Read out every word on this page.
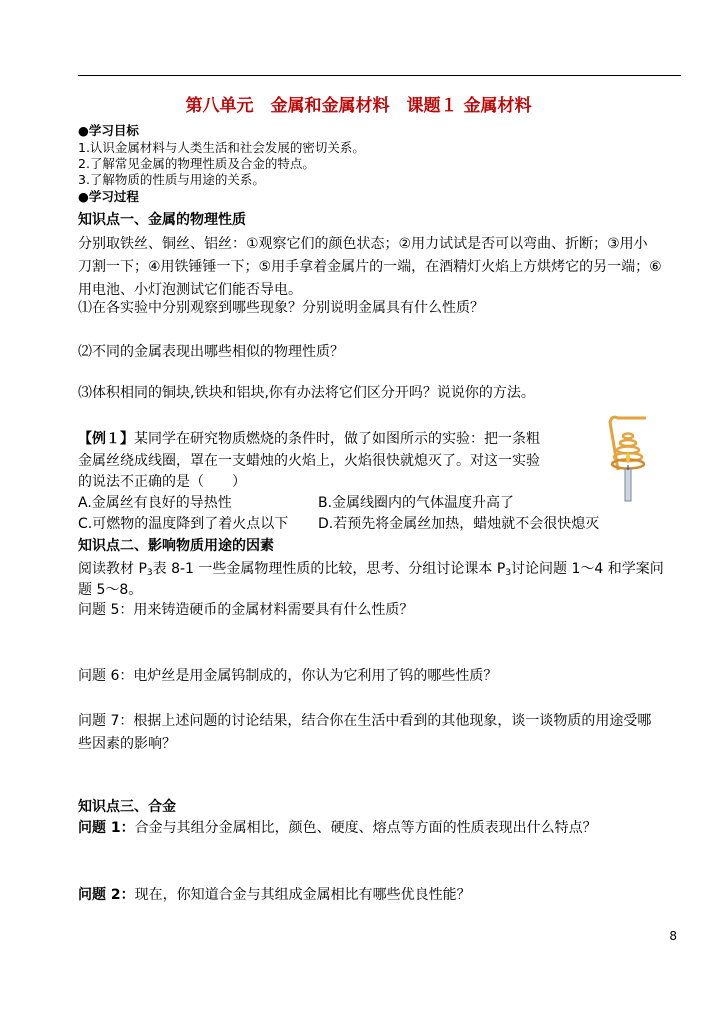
第八单元　金属和金属材料　课题１ 金属材料
●学习目标
1.认识金属材料与人类生活和社会发展的密切关系。
2.了解常见金属的物理性质及合金的特点。
3.了解物质的性质与用途的关系。
●学习过程
知识点一、金属的物理性质
分别取铁丝、铜丝、铝丝：①观察它们的颜色状态；②用力试试是否可以弯曲、折断；③用小
刀割一下；④用铁锤锤一下；⑤用手拿着金属片的一端，在酒精灯火焰上方烘烤它的另一端；⑥
用电池、小灯泡测试它们能否导电。
⑴在各实验中分别观察到哪些现象？分别说明金属具有什么性质？
⑵不同的金属表现出哪些相似的物理性质？
⑶体积相同的铜块,铁块和铝块,你有办法将它们区分开吗？说说你的方法。
【例１】某同学在研究物质燃烧的条件时，做了如图所示的实验：把一条粗
金属丝绕成线圈，罩在一支蜡烛的火焰上，火焰很快就熄灭了。对这一实验
的说法不正确的是（　　）
A.金属丝有良好的导热性	B.金属线圈内的气体温度升高了
C.可燃物的温度降到了着火点以下 D.若预先将金属丝加热，蜡烛就不会很快熄灭
知识点二、影响物质用途的因素
阅读教材 $P_3$表 8-1 一些金属物理性质的比较，思考、分组讨论课本 $P_3$讨论问题 1～4 和学案问
题 5～8。
问题 5：用来铸造硬币的金属材料需要具有什么性质？
问题 6：电炉丝是用金属钨制成的，你认为它利用了钨的哪些性质？
问题 7：根据上述问题的讨论结果，结合你在生活中看到的其他现象，谈一谈物质的用途受哪
些因素的影响？
知识点三、合金
问题 1：合金与其组分金属相比，颜色、硬度、熔点等方面的性质表现出什么特点？
问题 2：现在，你知道合金与其组成金属相比有哪些优良性能？
8
